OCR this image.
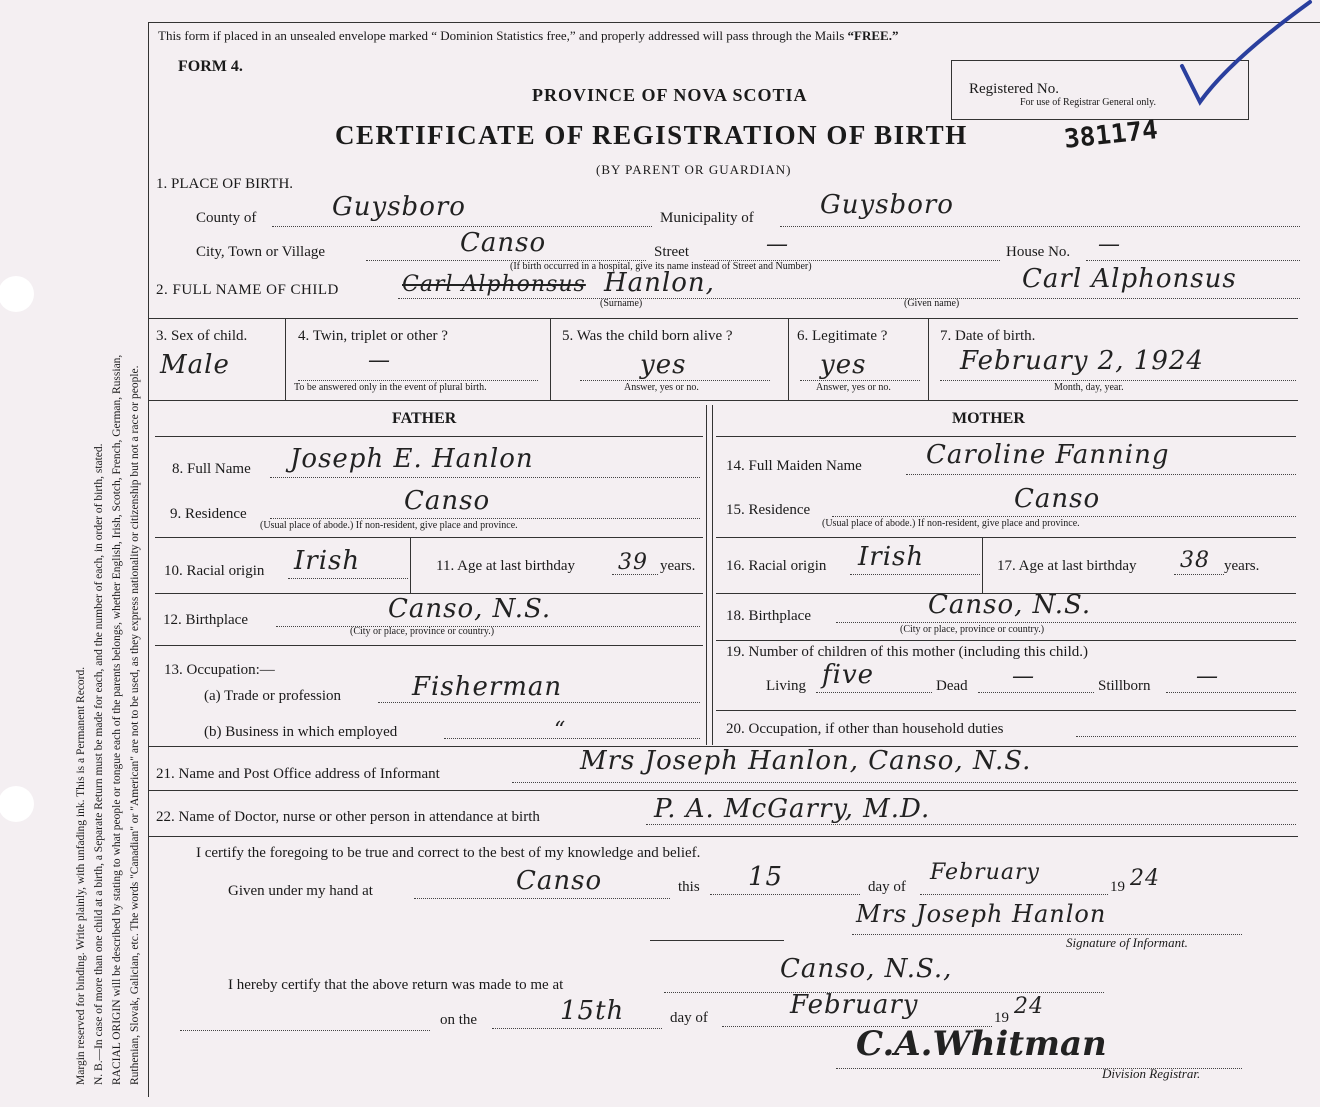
Margin reserved for binding. Write plainly, with unfading ink. This is a Permanent Record. N. B.—In case of more than one child at a birth, a Separate Return must be made for each, and the number of each, in order of birth, stated. RACIAL ORIGIN will be described by stating to what people or tongue each of the parents belongs, whether English, Irish, Scotch, French, German, Russian, Ruthenian, Slovak, Galician, etc. The words "Canadian" or "American" are not to be used, as they express nationality or citizenship but not a race or people.
This form if placed in an unsealed envelope marked “ Dominion Statistics free,” and properly addressed will pass through the Mails “FREE.”
FORM 4.
PROVINCE OF NOVA SCOTIA
CERTIFICATE OF REGISTRATION OF BIRTH
(BY PARENT OR GUARDIAN)
Registered No.
For use of Registrar General only.
381174
1. PLACE OF BIRTH.
County of	Guysboro	Municipality of	Guysboro
City, Town or Village	Canso	Street	—	House No. —
(If birth occurred in a hospital, give its name instead of Street and Number)
2. FULL NAME OF CHILD	Carl Alphonsus Hanlon,	Carl Alphonsus
(Surname)	(Given name)
3. Sex of child.
Male
4. Twin, triplet or other ?
—
To be answered only in the event of plural birth.
5. Was the child born alive ?
yes
Answer, yes or no.
6. Legitimate ?
yes
Answer, yes or no.
7. Date of birth.
February 2, 1924
Month, day, year.
FATHER	MOTHER
8. Full Name Joseph E. Hanlon
9. Residence	Canso
(Usual place of abode.) If non-resident, give place and province.
10. Racial origin Irish	11. Age at last birthday 39 years.
12. Birthplace	Canso, N.S.
(City or place, province or country.)
13. Occupation:—
(a) Trade or profession	Fisherman
(b) Business in which employed	“
14. Full Maiden Name Caroline Fanning
15. Residence	Canso
(Usual place of abode.) If non-resident, give place and province.
16. Racial origin Irish	17. Age at last birthday 38 years.
18. Birthplace	Canso, N.S.
(City or place, province or country.)
19. Number of children of this mother (including this child.)
Living five	Dead —	Stillborn —
20. Occupation, if other than household duties
21. Name and Post Office address of Informant	Mrs Joseph Hanlon, Canso, N.S.
22. Name of Doctor, nurse or other person in attendance at birth	P. A. McGarry, M.D.
I certify the foregoing to be true and correct to the best of my knowledge and belief.
Given under my hand at	Canso	this 15	day of
February
19 24
Mrs Joseph Hanlon
Signature of Informant.
I hereby certify that the above return was made to me at
Canso, N.S.,
on the	15th	day of	February	19 24
C.A.Whitman
Division Registrar.
